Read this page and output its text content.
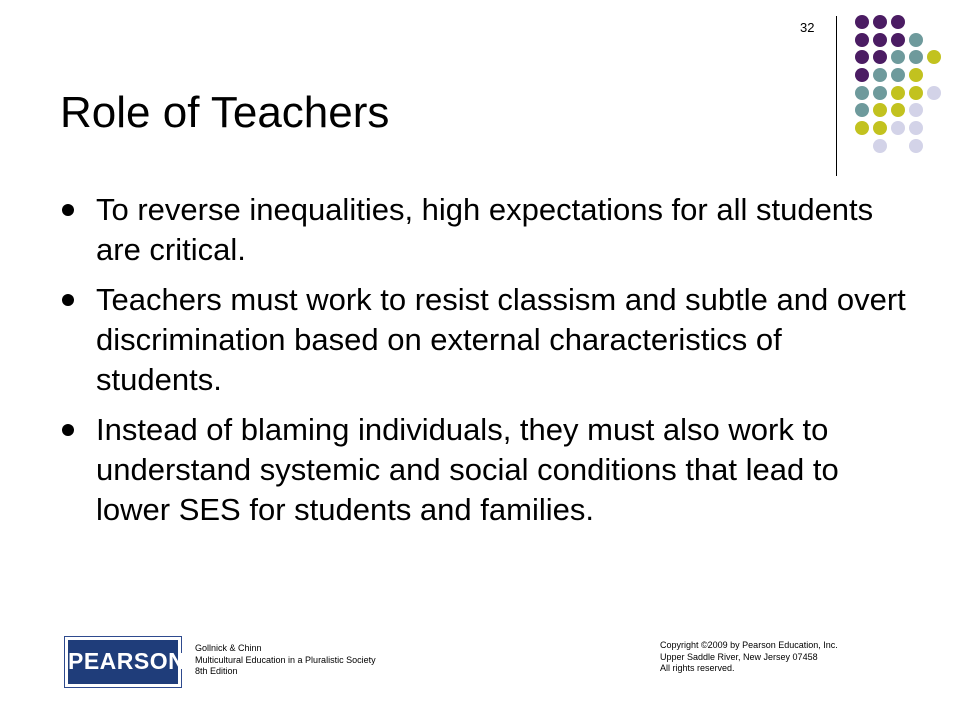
32
Role of Teachers
To reverse inequalities, high expectations for all students are critical.
Teachers must work to resist classism and subtle and overt discrimination based on external characteristics of students.
Instead of blaming individuals, they must also work to understand systemic and social conditions that lead to lower SES for students and families.
PEARSON Gollnick & Chinn
Multicultural Education in a Pluralistic Society
8th Edition
Copyright ©2009 by Pearson Education, Inc.
Upper Saddle River, New Jersey 07458
All rights reserved.
